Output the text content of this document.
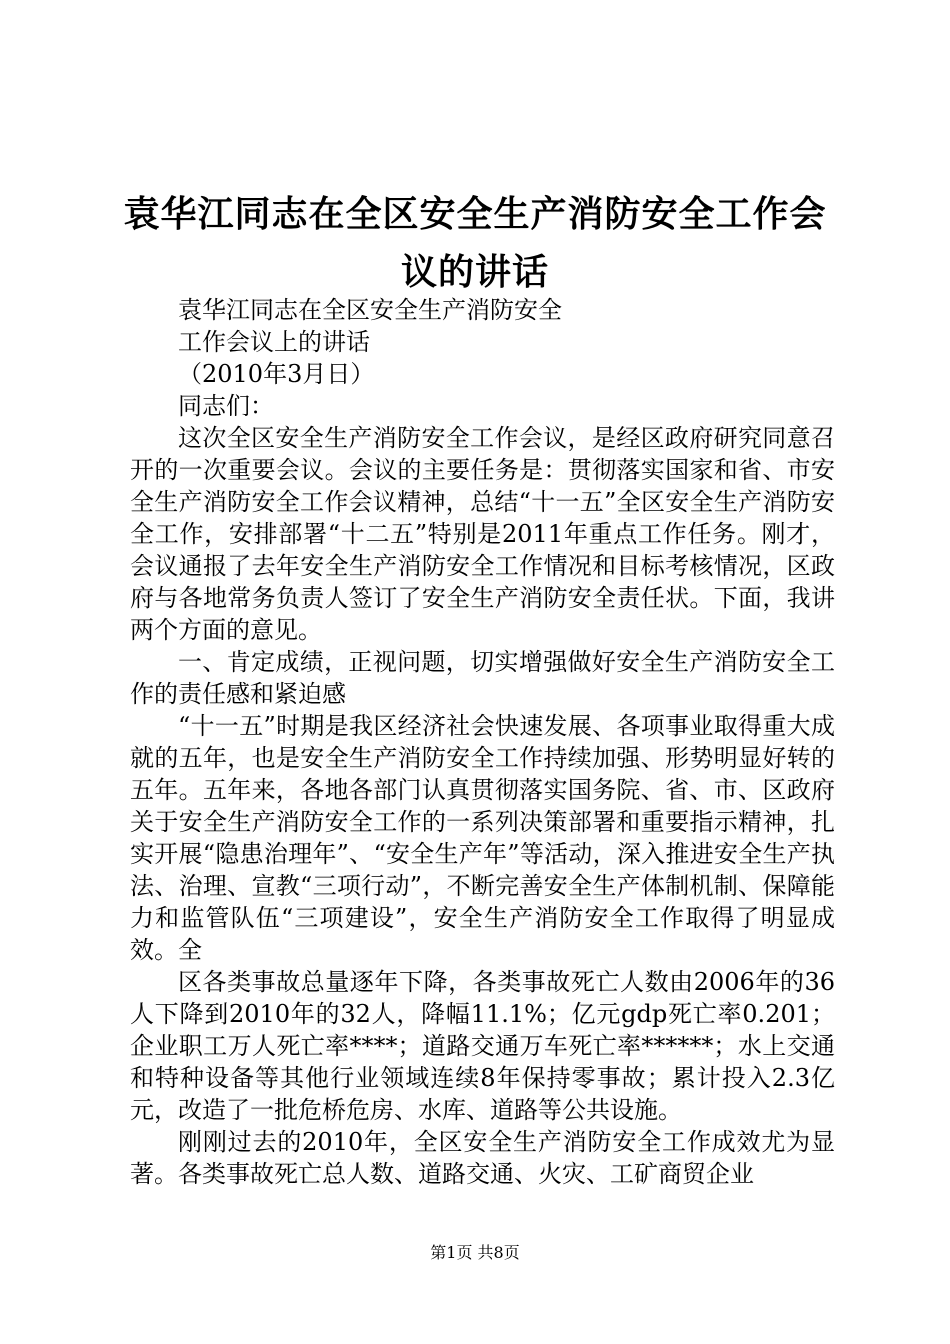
袁华江同志在全区安全生产消防安全工作会议的讲话

袁华江同志在全区安全生产消防安全

工作会议上的讲话

（2010年3月日）

同志们：

这次全区安全生产消防安全工作会议，是经区政府研究同意召开的一次重要会议。会议的主要任务是：贯彻落实国家和省、市安全生产消防安全工作会议精神，总结“十一五”全区安全生产消防安全工作，安排部署“十二五”特别是2011年重点工作任务。刚才，会议通报了去年安全生产消防安全工作情况和目标考核情况，区政府与各地常务负责人签订了安全生产消防安全责任状。下面，我讲两个方面的意见。

一、肯定成绩，正视问题，切实增强做好安全生产消防安全工作的责任感和紧迫感

“十一五”时期是我区经济社会快速发展、各项事业取得重大成就的五年，也是安全生产消防安全工作持续加强、形势明显好转的五年。五年来，各地各部门认真贯彻落实国务院、省、市、区政府关于安全生产消防安全工作的一系列决策部署和重要指示精神，扎实开展“隐患治理年”、“安全生产年”等活动，深入推进安全生产执法、治理、宣教“三项行动”，不断完善安全生产体制机制、保障能力和监管队伍“三项建设”，安全生产消防安全工作取得了明显成效。全

区各类事故总量逐年下降，各类事故死亡人数由2006年的36人下降到2010年的32人，降幅11.1%；亿元gdp死亡率0.201；企业职工万人死亡率****；道路交通万车死亡率******；水上交通和特种设备等其他行业领域连续8年保持零事故；累计投入2.3亿元，改造了一批危桥危房、水库、道路等公共设施。

刚刚过去的2010年，全区安全生产消防安全工作成效尤为显著。各类事故死亡总人数、道路交通、火灾、工矿商贸企业

第1页 共8页
